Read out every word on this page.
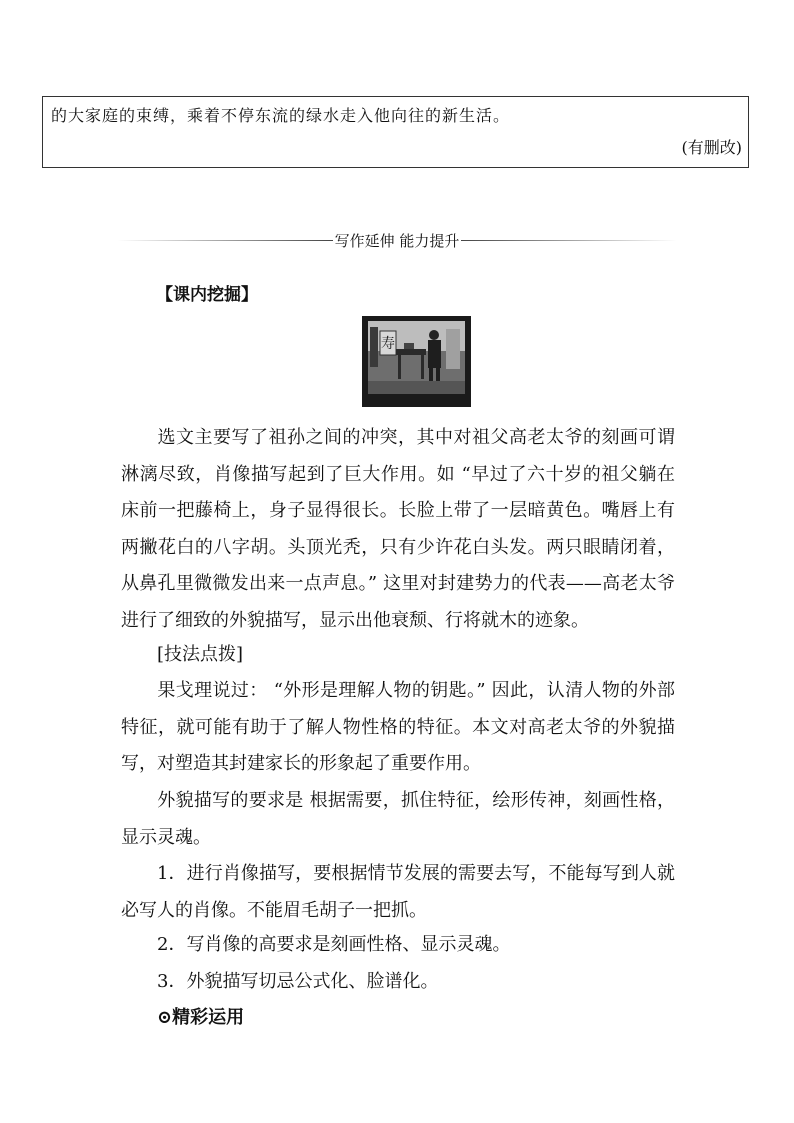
的大家庭的束缚，乘着不停东流的绿水走入他向往的新生活。
(有删改)
写作延伸 能力提升
【课内挖掘】
寿

选文主要写了祖孙之间的冲突，其中对祖父高老太爷的刻画可谓淋漓尽致，肖像描写起到了巨大作用。如 “早过了六十岁的祖父躺在床前一把藤椅上，身子显得很长。长脸上带了一层暗黄色。嘴唇上有两撇花白的八字胡。头顶光秃，只有少许花白头发。两只眼睛闭着，从鼻孔里微微发出来一点声息。” 这里对封建势力的代表——高老太爷进行了细致的外貌描写，显示出他衰颓、行将就木的迹象。

[技法点拨]

果戈理说过： “外形是理解人物的钥匙。” 因此，认清人物的外部特征，就可能有助于了解人物性格的特征。本文对高老太爷的外貌描写，对塑造其封建家长的形象起了重要作用。

外貌描写的要求是 根据需要，抓住特征，绘形传神，刻画性格，显示灵魂。

1．进行肖像描写，要根据情节发展的需要去写，不能每写到人就必写人的肖像。不能眉毛胡子一把抓。

2．写肖像的高要求是刻画性格、显示灵魂。
3．外貌描写切忌公式化、脸谱化。
⊙精彩运用
